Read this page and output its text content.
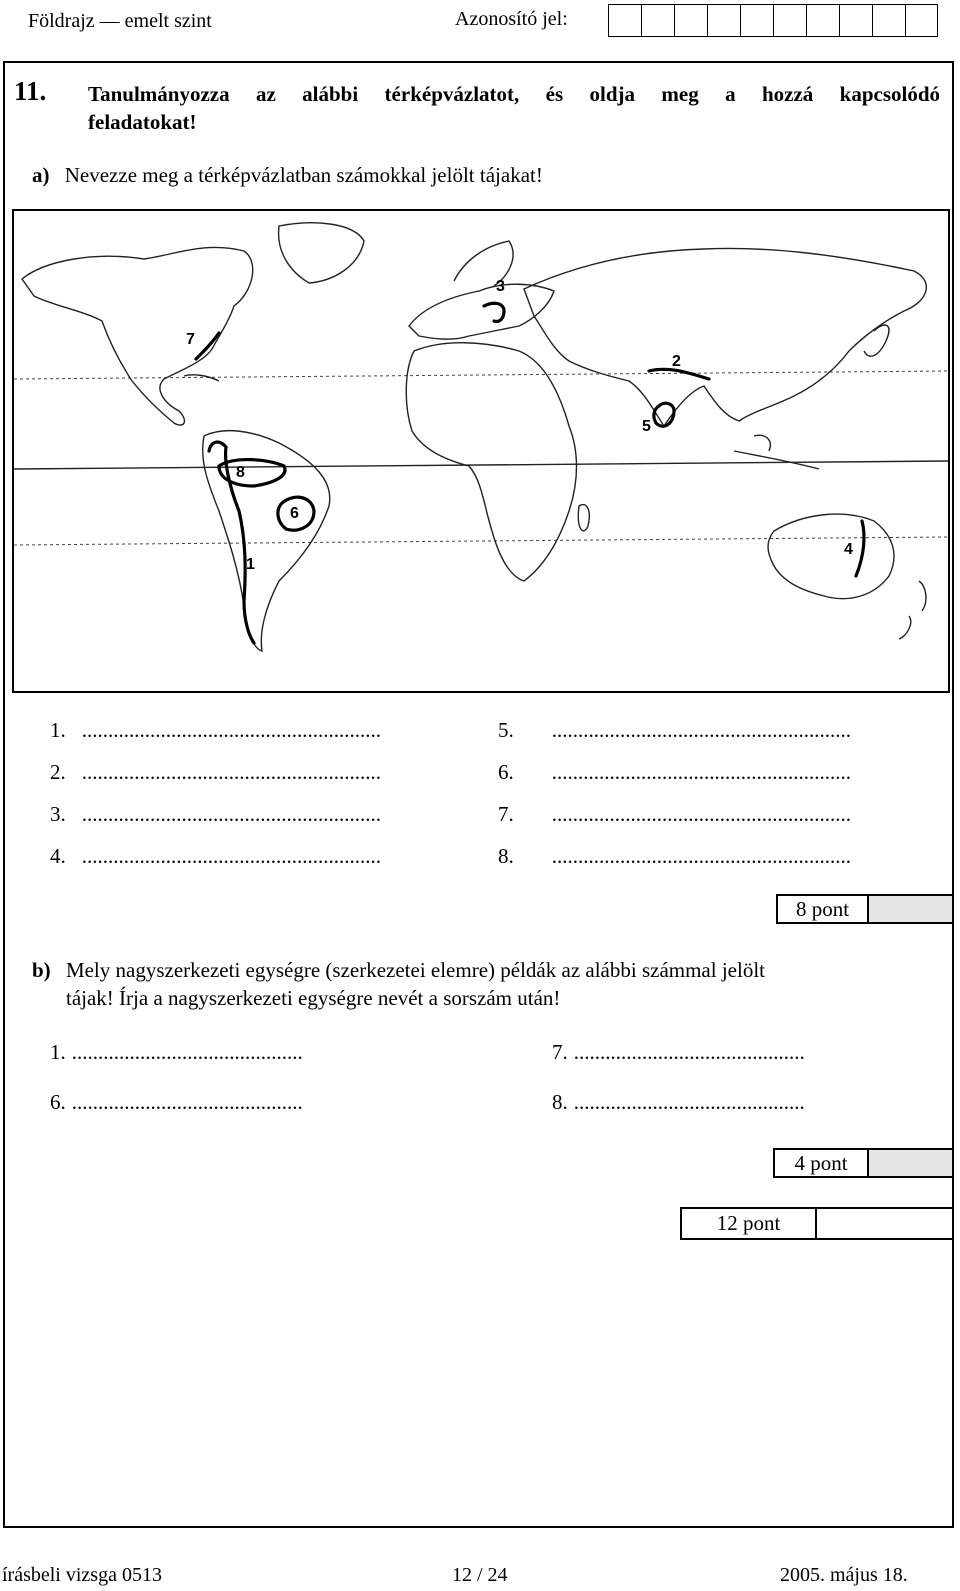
Földrajz — emelt szint	Azonosító jel:
11. Tanulmányozza az alábbi térképvázlatot, és oldja meg a hozzá kapcsolódó
feladatokat!
a) Nevezze meg a térképvázlatban számokkal jelölt tájakat!
7
3
2
5
1
8
6
4
1. .........................................................
2. .........................................................
3. .........................................................
4. .........................................................
5. .........................................................
6. .........................................................
7. .........................................................
8. .........................................................
8 pont
b) Mely nagyszerkezeti egységre (szerkezetei elemre) példák az alábbi számmal jelölt
tájak! Írja a nagyszerkezeti egységre nevét a sorszám után!
1. ............................................	7. ............................................
6. ............................................	8. ............................................
4 pont
12 pont
írásbeli vizsga 0513	12 / 24	2005. május 18.
